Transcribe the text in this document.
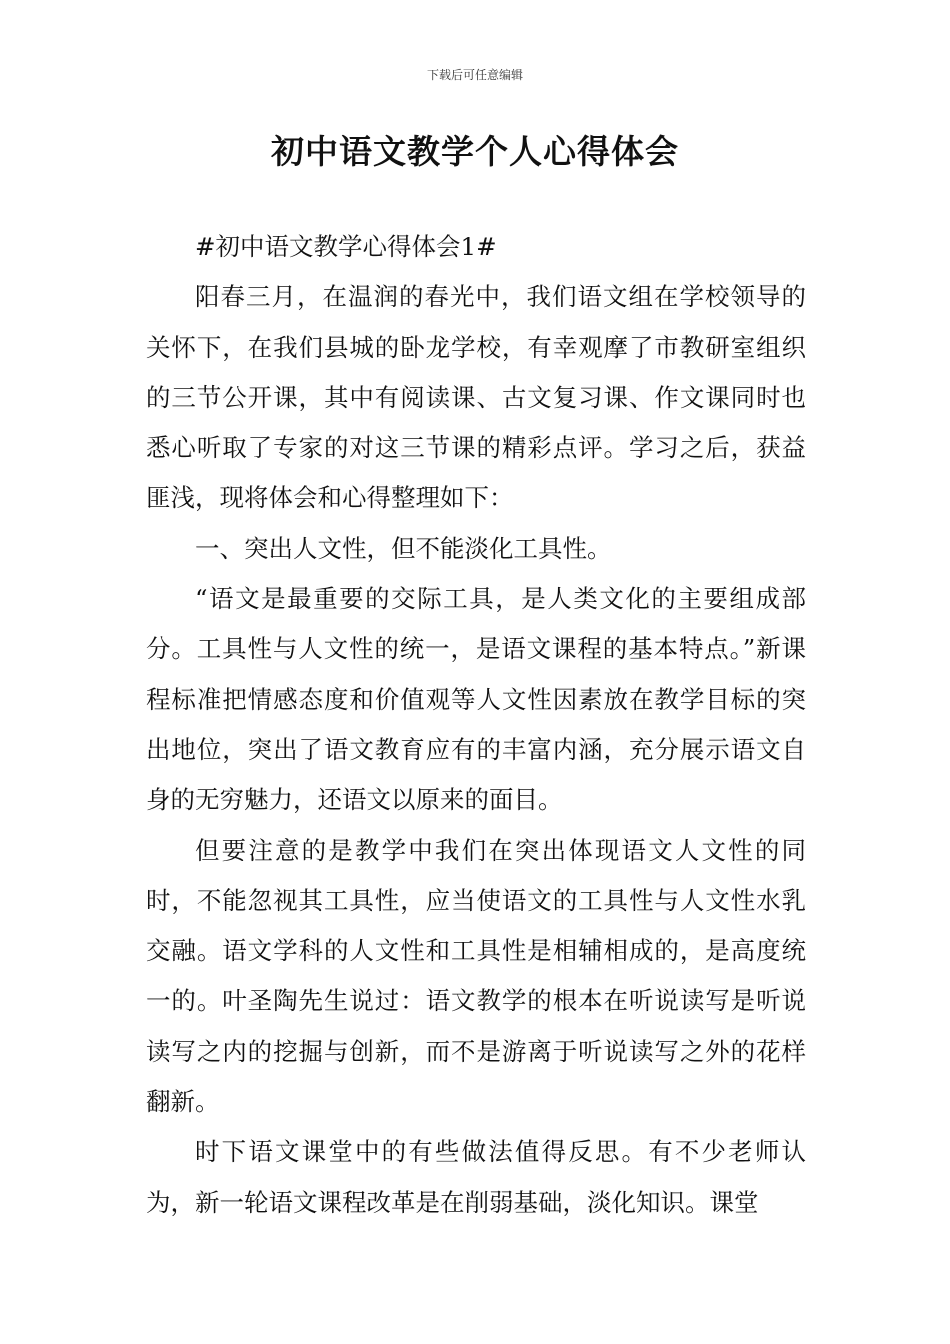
下载后可任意编辑
初中语文教学个人心得体会

#初中语文教学心得体会1#

阳春三月，在温润的春光中，我们语文组在学校领导的关怀下，在我们县城的卧龙学校，有幸观摩了市教研室组织的三节公开课，其中有阅读课、古文复习课、作文课同时也悉心听取了专家的对这三节课的精彩点评。学习之后，获益匪浅，现将体会和心得整理如下：

一、突出人文性，但不能淡化工具性。

“语文是最重要的交际工具，是人类文化的主要组成部分。工具性与人文性的统一，是语文课程的基本特点。”新课程标准把情感态度和价值观等人文性因素放在教学目标的突出地位，突出了语文教育应有的丰富内涵，充分展示语文自身的无穷魅力，还语文以原来的面目。

但要注意的是教学中我们在突出体现语文人文性的同时，不能忽视其工具性，应当使语文的工具性与人文性水乳交融。语文学科的人文性和工具性是相辅相成的，是高度统一的。叶圣陶先生说过：语文教学的根本在听说读写是听说读写之内的挖掘与创新，而不是游离于听说读写之外的花样翻新。

时下语文课堂中的有些做法值得反思。有不少老师认为，新一轮语文课程改革是在削弱基础，淡化知识。课堂
